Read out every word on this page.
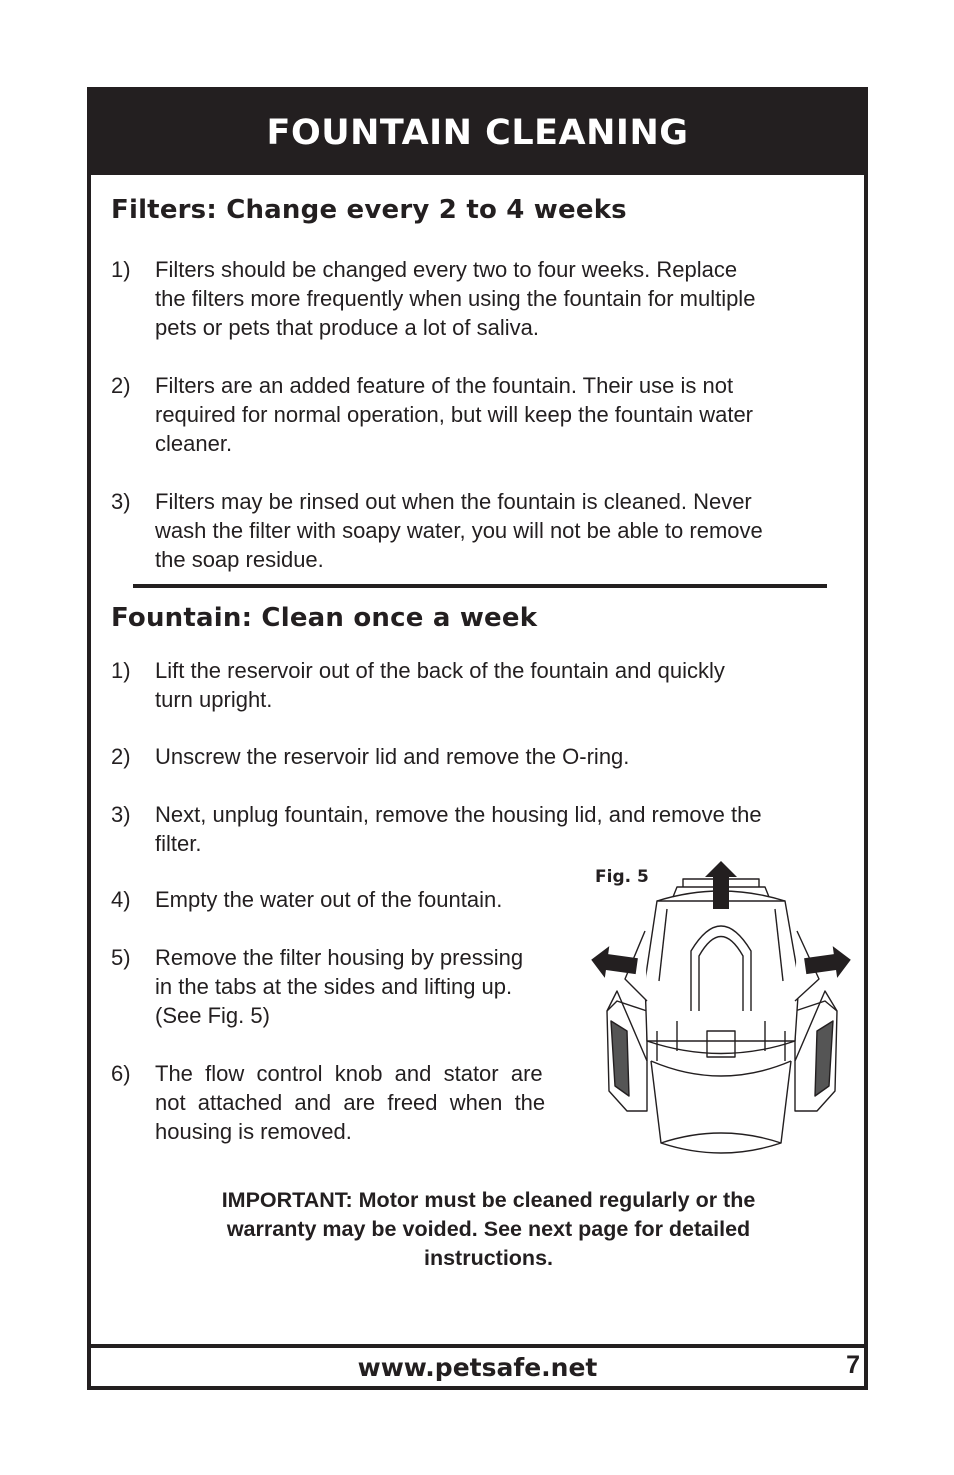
FOUNTAIN CLEANING
Filters: Change every 2 to 4 weeks
1) Filters should be changed every two to four weeks. Replace
the filters more frequently when using the fountain for multiple
pets or pets that produce a lot of saliva.
2) Filters are an added feature of the fountain. Their use is not
required for normal operation, but will keep the fountain water
cleaner.
3) Filters may be rinsed out when the fountain is cleaned. Never
wash the filter with soapy water, you will not be able to remove
the soap residue.
Fountain: Clean once a week
1) Lift the reservoir out of the back of the fountain and quickly
turn upright.
2) Unscrew the reservoir lid and remove the O-ring.
3) Next, unplug fountain, remove the housing lid, and remove the
filter.
4) Empty the water out of the fountain.
5) Remove the filter housing by pressing
in the tabs at the sides and lifting up.
(See Fig. 5)
6) The  flow  control  knob  and  stator  are
not  attached  and  are  freed  when  the
housing is removed.
Fig. 5
IMPORTANT: Motor must be cleaned regularly or the
warranty may be voided. See next page for detailed
instructions.
www.petsafe.net	7
